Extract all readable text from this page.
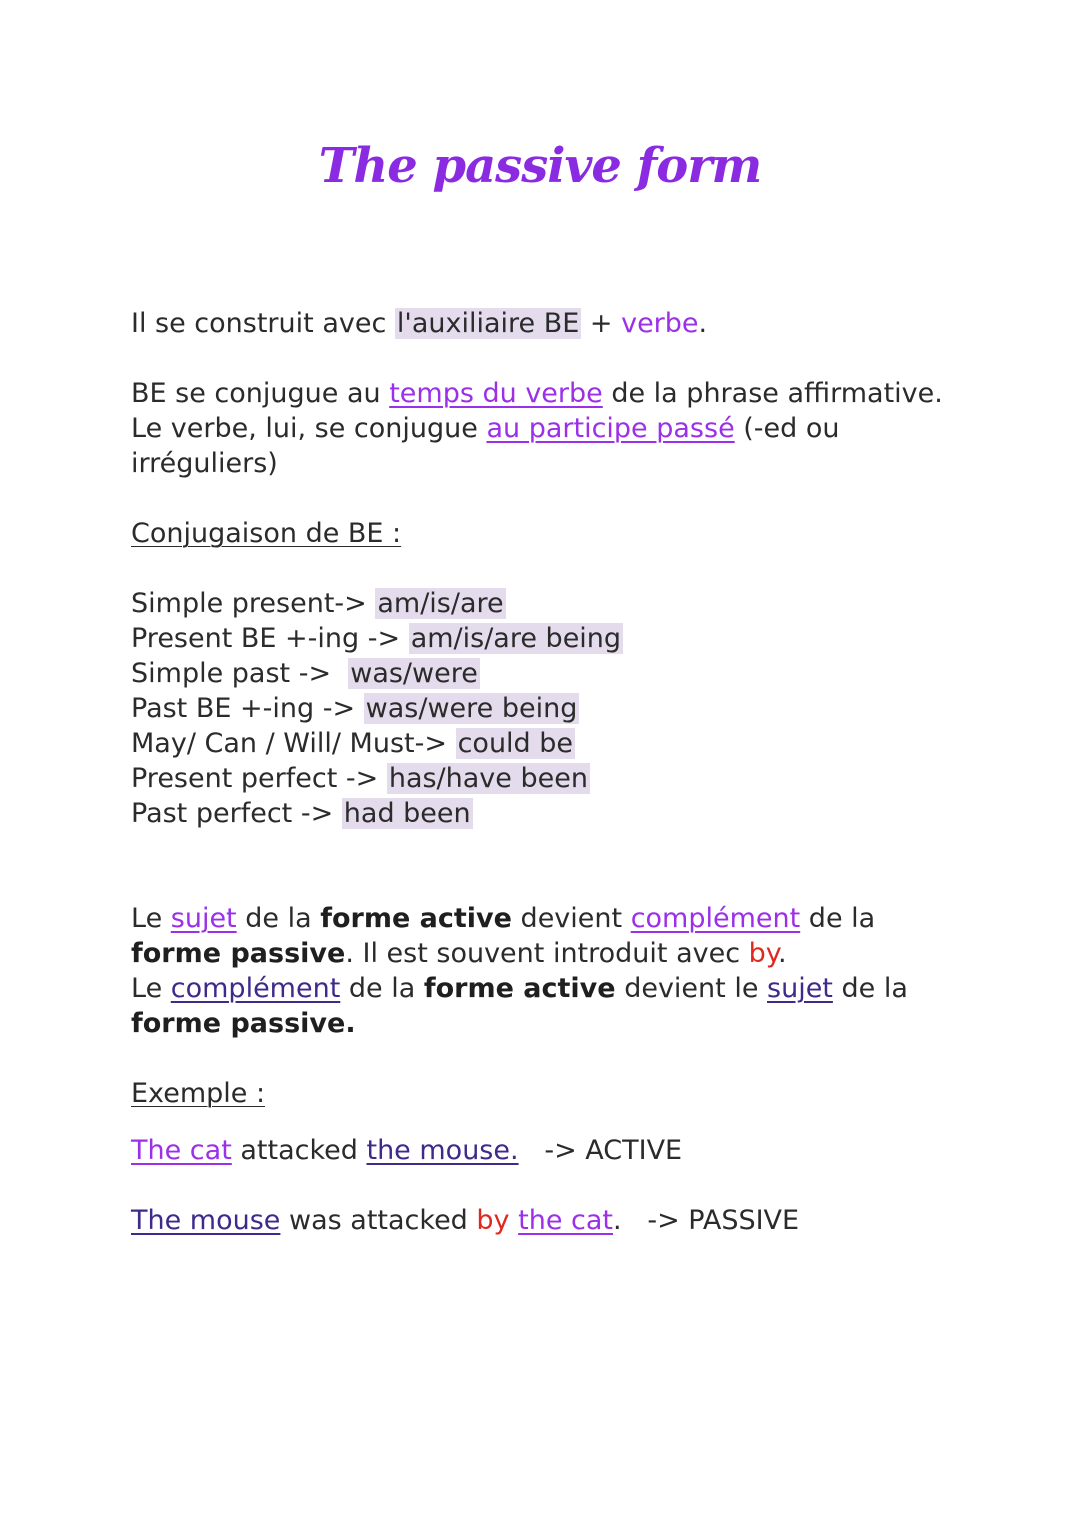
The passive form

Il se construit avec l'auxiliaire BE + verbe.

BE se conjugue au temps du verbe de la phrase affirmative.

Le verbe, lui, se conjugue au participe passé (-ed ou irréguliers)

Conjugaison de BE :

Simple present-> am/is/are

Present BE +-ing -> am/is/are being

Simple past ->  was/were

Past BE +-ing -> was/were being

May/ Can / Will/ Must-> could be

Present perfect -> has/have been

Past perfect -> had been

Le sujet de la forme active devient complément de la forme passive. Il est souvent introduit avec by.

Le complément de la forme active devient le sujet de la forme passive.

Exemple :

The cat attacked the mouse.   -> ACTIVE

The mouse was attacked by the cat.   -> PASSIVE
